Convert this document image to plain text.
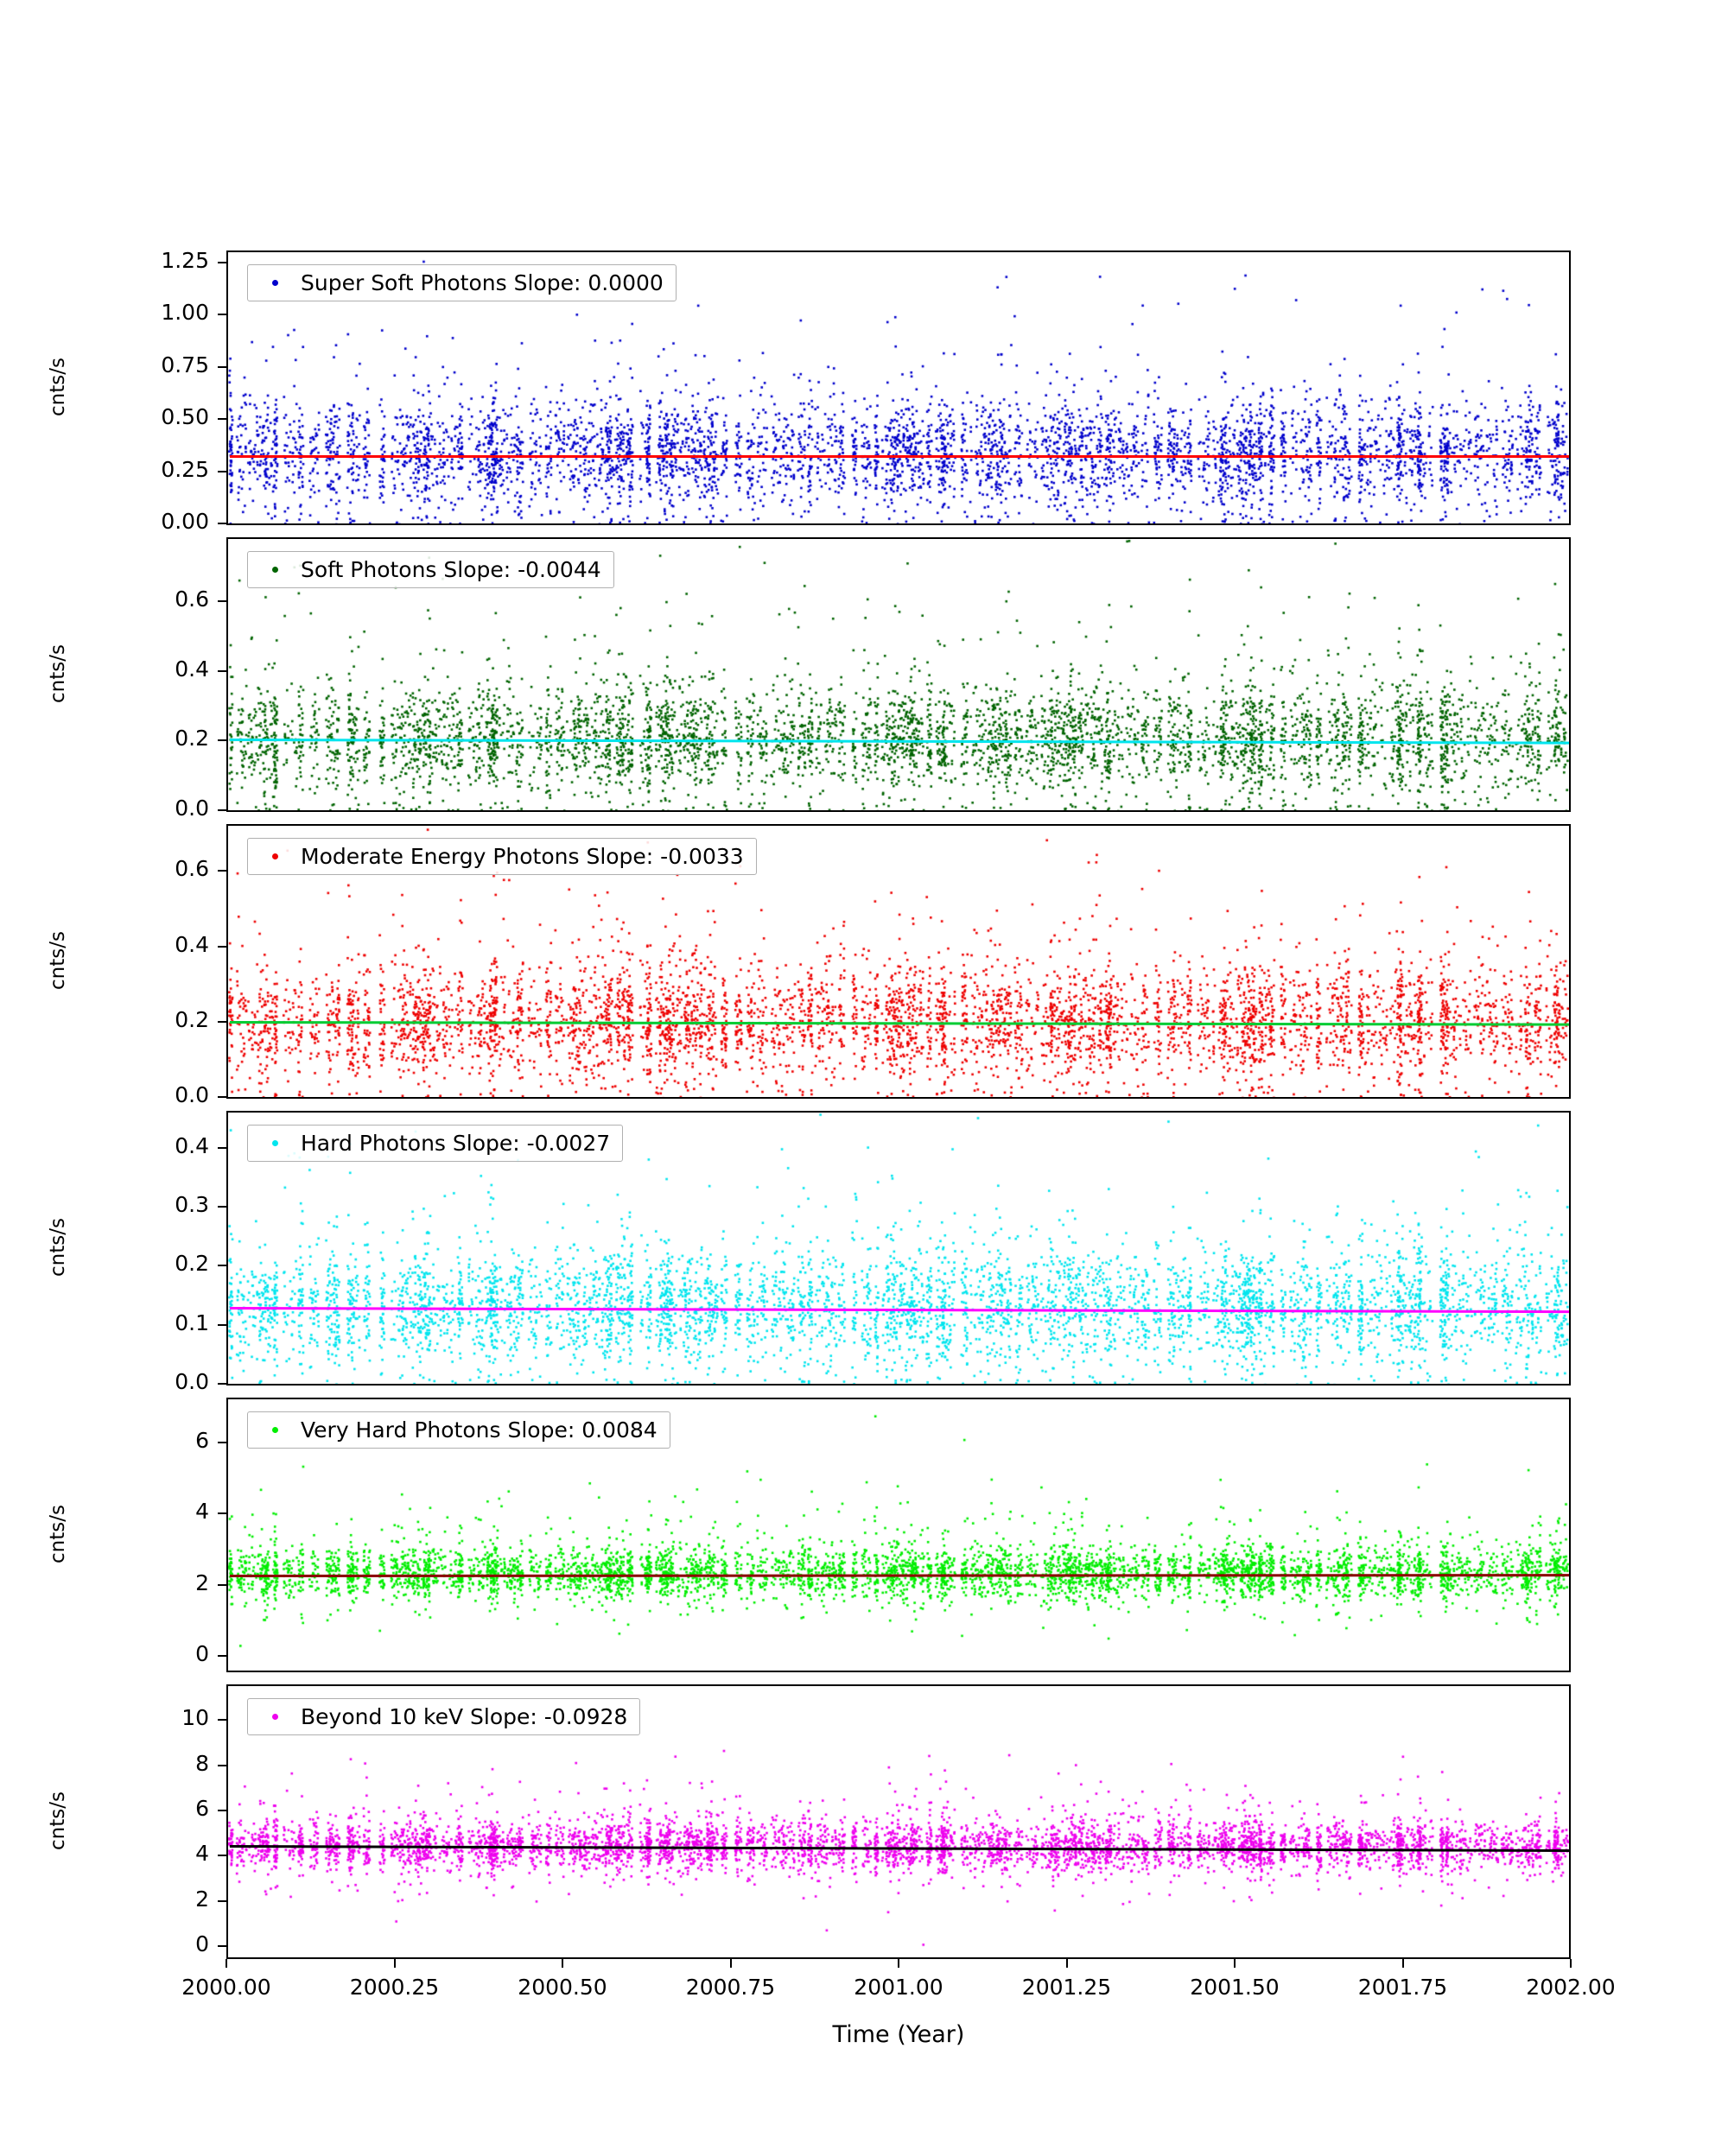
Super Soft Photons Slope: 0.0000
0.00
0.25
0.50
0.75
1.00
1.25
cnts/s
Soft Photons Slope: -0.0044
0.0
0.2
0.4
0.6
cnts/s
Moderate Energy Photons Slope: -0.0033
0.0
0.2
0.4
0.6
cnts/s
Hard Photons Slope: -0.0027
0.0
0.1
0.2
0.3
0.4
cnts/s
Very Hard Photons Slope: 0.0084
0
2
4
6
cnts/s
Beyond 10 keV Slope: -0.0928
0
2
4
6
8
10
cnts/s
2000.00	2000.25	2000.50	2000.75	2001.00	2001.25	2001.50	2001.75	2002.00
Time (Year)
